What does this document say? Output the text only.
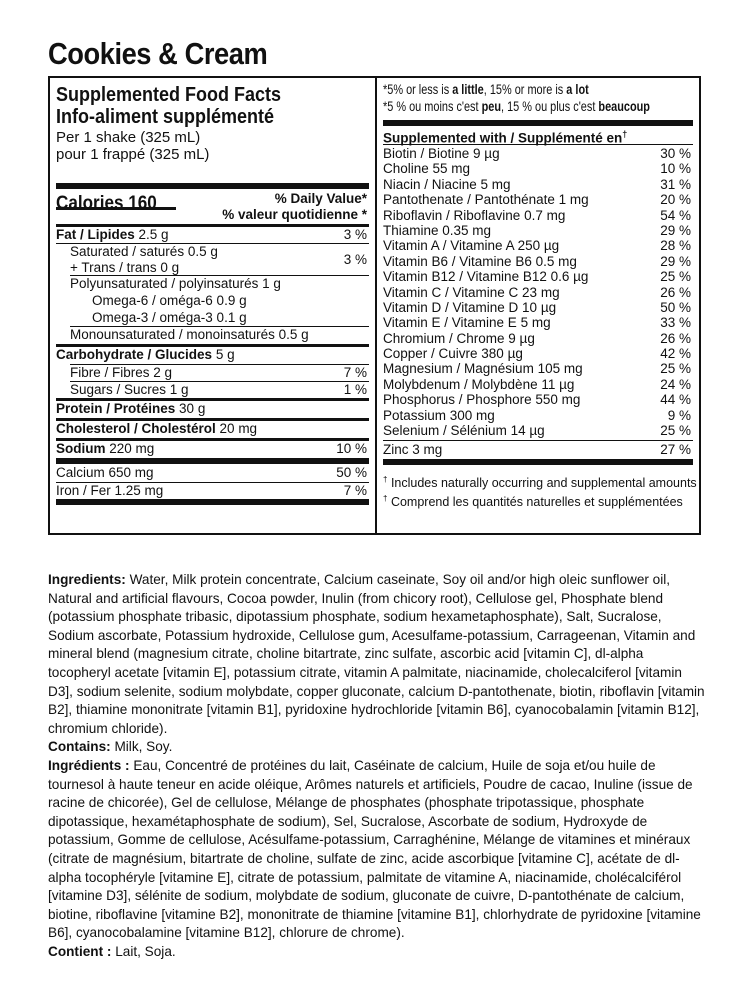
Cookies & Cream
Supplemented Food Facts
Info-aliment supplémenté
Per 1 shake (325 mL)
pour 1 frappé (325 mL)
Calories 160	% Daily Value*
% valeur quotidienne *
Fat / Lipides 2.5 g	3 %
Saturated / saturés 0.5 g
+ Trans / trans 0 g
3 %
Polyunsaturated / polyinsaturés 1 g
Omega-6 / oméga-6 0.9 g
Omega-3 / oméga-3 0.1 g
Monounsaturated / monoinsaturés 0.5 g
Carbohydrate / Glucides 5 g
Fibre / Fibres 2 g	7 %
Sugars / Sucres 1 g	1 %
Protein / Protéines 30 g
Cholesterol / Cholestérol 20 mg
Sodium 220 mg	10 %
Calcium 650 mg	50 %
Iron / Fer 1.25 mg	7 %
*5% or less is a little, 15% or more is a lot
*5 % ou moins c'est peu, 15 % ou plus c'est beaucoup
Supplemented with / Supplémenté en†
Biotin / Biotine 9 µg	30 %
Choline 55 mg	10 %
Niacin / Niacine 5 mg	31 %
Pantothenate / Pantothénate 1 mg	20 %
Riboflavin / Riboflavine 0.7 mg	54 %
Thiamine 0.35 mg	29 %
Vitamin A / Vitamine A 250 µg	28 %
Vitamin B6 / Vitamine B6 0.5 mg	29 %
Vitamin B12 / Vitamine B12 0.6 µg	25 %
Vitamin C / Vitamine C 23 mg	26 %
Vitamin D / Vitamine D 10 µg	50 %
Vitamin E / Vitamine E 5 mg	33 %
Chromium / Chrome 9 µg	26 %
Copper / Cuivre 380 µg	42 %
Magnesium / Magnésium 105 mg	25 %
Molybdenum / Molybdène 11 µg	24 %
Phosphorus / Phosphore 550 mg	44 %
Potassium 300 mg	9 %
Selenium / Sélénium 14 µg	25 %
Zinc 3 mg	27 %
† Includes naturally occurring and supplemental amounts
† Comprend les quantités naturelles et supplémentées

Ingredients: Water, Milk protein concentrate, Calcium caseinate, Soy oil and/or high oleic sunflower oil, Natural and artificial flavours, Cocoa powder, Inulin (from chicory root), Cellulose gel, Phosphate blend (potassium phosphate tribasic, dipotassium phosphate, sodium hexametaphosphate), Salt, Sucralose, Sodium ascorbate, Potassium hydroxide, Cellulose gum, Acesulfame-potassium, Carrageenan, Vitamin and mineral blend (magnesium citrate, choline bitartrate, zinc sulfate, ascorbic acid [vitamin C], dl-alpha tocopheryl acetate [vitamin E], potassium citrate, vitamin A palmitate, niacinamide, cholecalciferol [vitamin D3], sodium selenite, sodium molybdate, copper gluconate, calcium D-pantothenate, biotin, riboflavin [vitamin B2], thiamine mononitrate [vitamin B1], pyridoxine hydrochloride [vitamin B6], cyanocobalamin [vitamin B12], chromium chloride).

Contains: Milk, Soy.

Ingrédients : Eau, Concentré de protéines du lait, Caséinate de calcium, Huile de soja et/ou huile de tournesol à haute teneur en acide oléique, Arômes naturels et artificiels, Poudre de cacao, Inuline (issue de racine de chicorée), Gel de cellulose, Mélange de phosphates (phosphate tripotassique, phosphate dipotassique, hexamétaphosphate de sodium), Sel, Sucralose, Ascorbate de sodium, Hydroxyde de potassium, Gomme de cellulose, Acésulfame-potassium, Carraghénine, Mélange de vitamines et minéraux (citrate de magnésium, bitartrate de choline, sulfate de zinc, acide ascorbique [vitamine C], acétate de dl-alpha tocophéryle [vitamine E], citrate de potassium, palmitate de vitamine A, niacinamide, cholécalciférol [vitamine D3], sélénite de sodium, molybdate de sodium, gluconate de cuivre, D-pantothénate de calcium, biotine, riboflavine [vitamine B2], mononitrate de thiamine [vitamine B1], chlorhydrate de pyridoxine [vitamine B6], cyanocobalamine [vitamine B12], chlorure de chrome).

Contient : Lait, Soja.
